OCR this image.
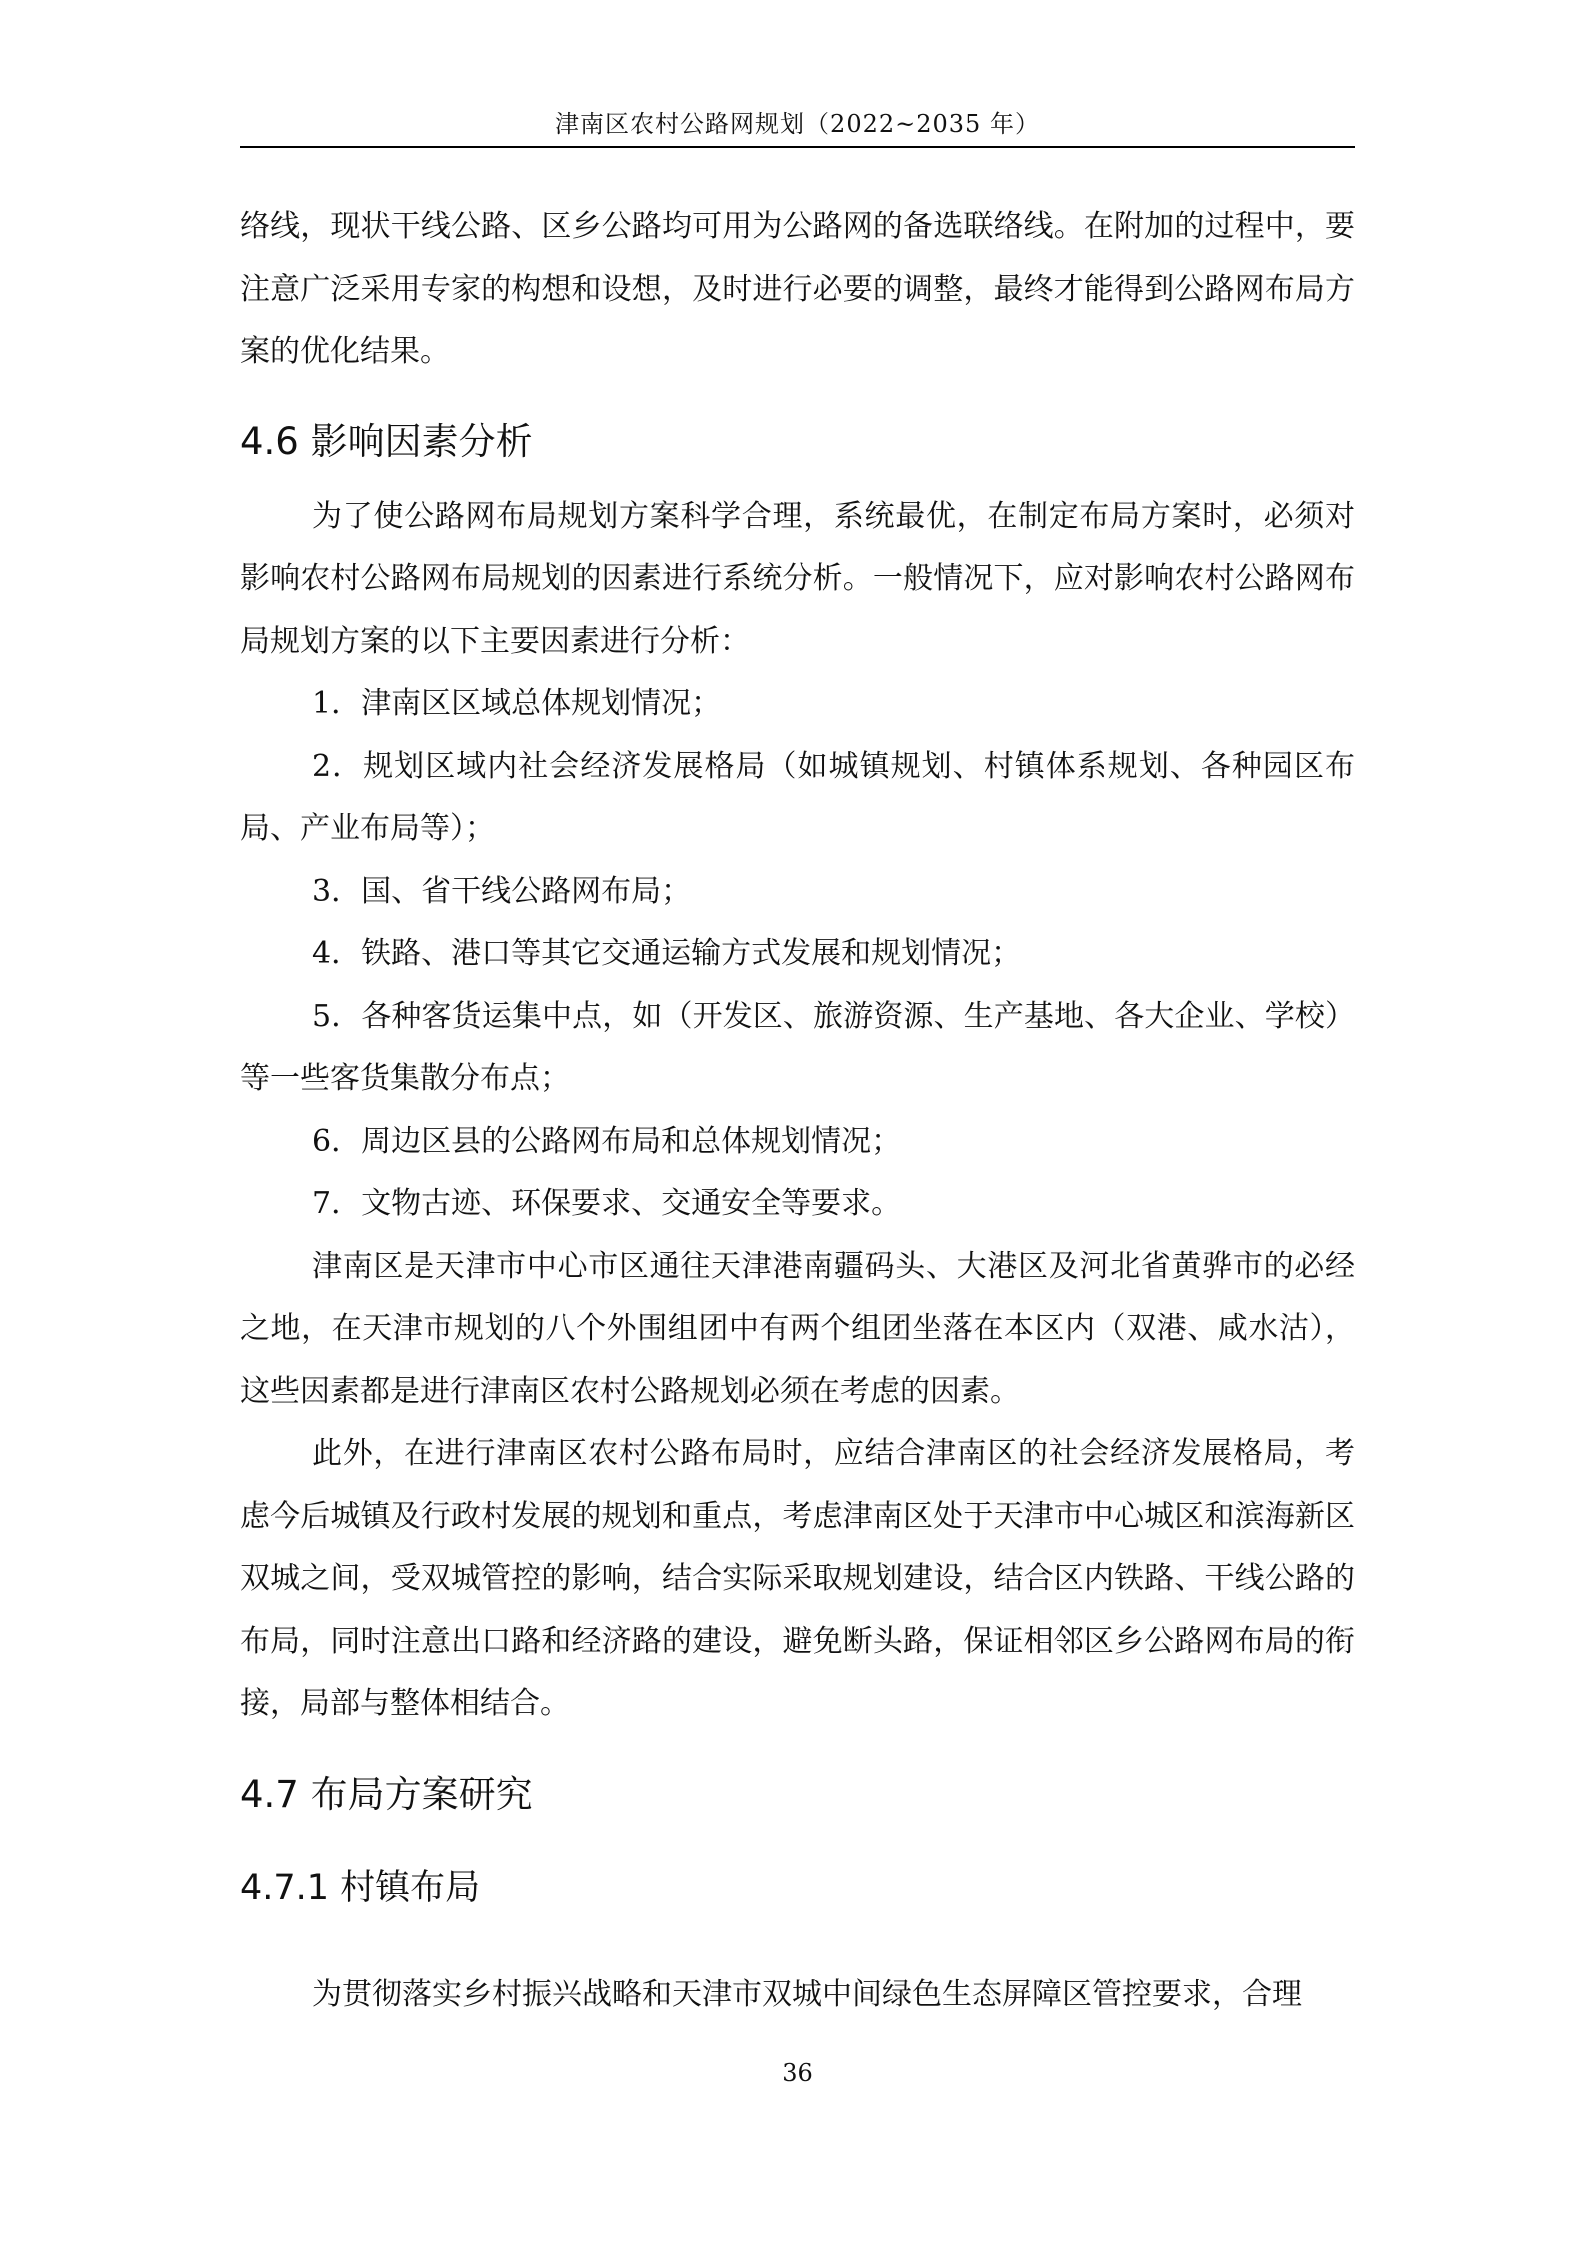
津南区农村公路网规划（2022~2035 年）

络线，现状干线公路、区乡公路均可用为公路网的备选联络线。在附加的过程中，要注意广泛采用专家的构想和设想，及时进行必要的调整，最终才能得到公路网布局方案的优化结果。

4.6 影响因素分析

为了使公路网布局规划方案科学合理，系统最优，在制定布局方案时，必须对影响农村公路网布局规划的因素进行系统分析。一般情况下，应对影响农村公路网布局规划方案的以下主要因素进行分析：

1．津南区区域总体规划情况；

2．规划区域内社会经济发展格局（如城镇规划、村镇体系规划、各种园区布局、产业布局等）；

3．国、省干线公路网布局；

4．铁路、港口等其它交通运输方式发展和规划情况；

5．各种客货运集中点，如（开发区、旅游资源、生产基地、各大企业、学校）等一些客货集散分布点；

6．周边区县的公路网布局和总体规划情况；

7．文物古迹、环保要求、交通安全等要求。

津南区是天津市中心市区通往天津港南疆码头、大港区及河北省黄骅市的必经之地，在天津市规划的八个外围组团中有两个组团坐落在本区内（双港、咸水沽），这些因素都是进行津南区农村公路规划必须在考虑的因素。

此外，在进行津南区农村公路布局时，应结合津南区的社会经济发展格局，考虑今后城镇及行政村发展的规划和重点，考虑津南区处于天津市中心城区和滨海新区双城之间，受双城管控的影响，结合实际采取规划建设，结合区内铁路、干线公路的布局，同时注意出口路和经济路的建设，避免断头路，保证相邻区乡公路网布局的衔接，局部与整体相结合。

4.7 布局方案研究
4.7.1 村镇布局

为贯彻落实乡村振兴战略和天津市双城中间绿色生态屏障区管控要求，合理

36
